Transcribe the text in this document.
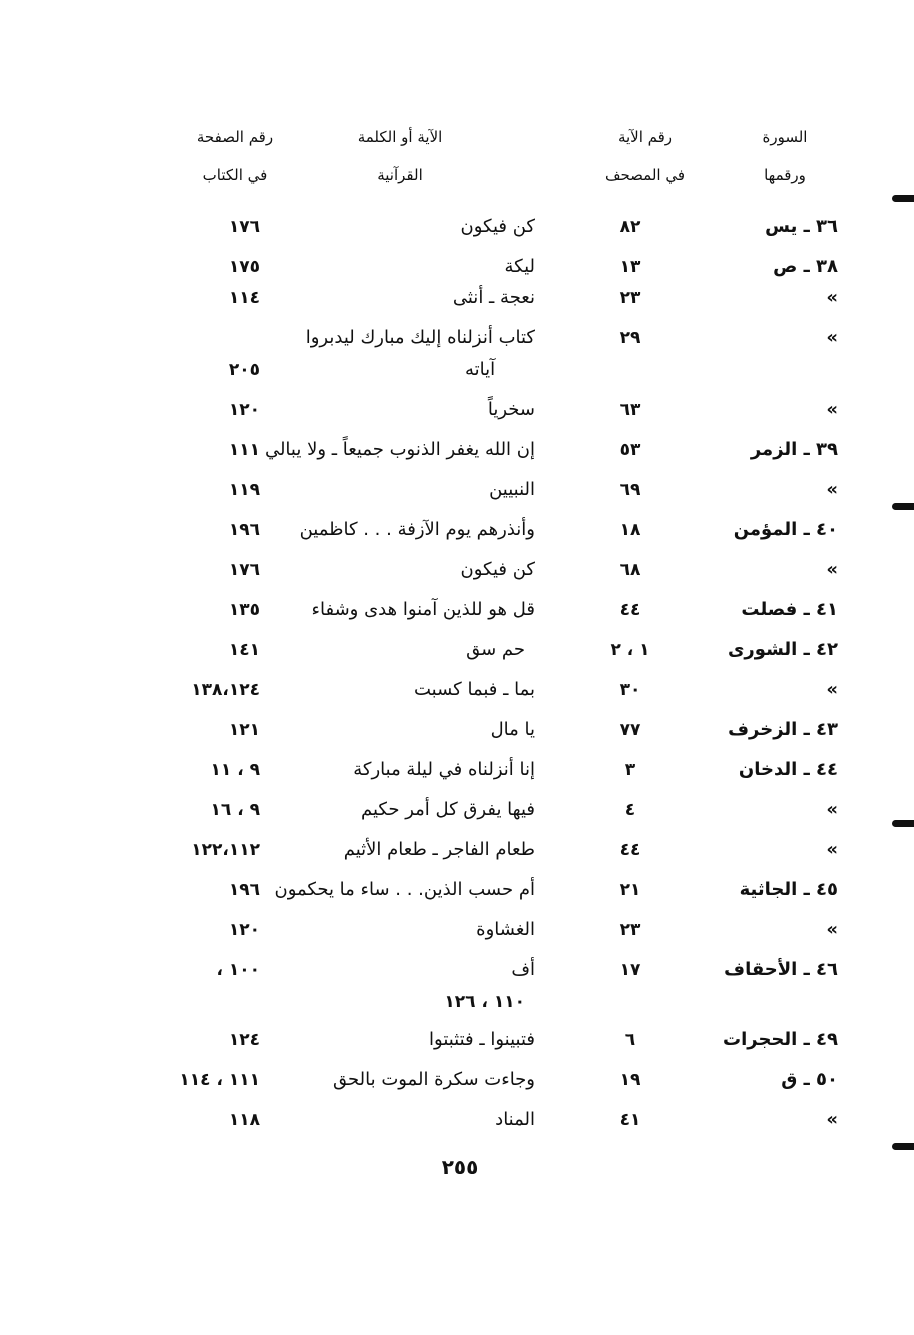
السورة
ورقمها
رقم الآية
في المصحف
الآية أو الكلمة
القرآنية
رقم الصفحة
في الكتاب
٣٦ ـ يس
٨٢
كن فيكون
١٧٦
٣٨ ـ ص
١٣
ليكة
١٧٥
»
٢٣
نعجة ـ أنثى
١١٤
»
٢٩
كتاب أنزلناه إليك مبارك ليدبروا
آياته
٢٠٥
»
٦٣
سخرياً
١٢٠
٣٩ ـ الزمر
٥٣
إن الله يغفر الذنوب جميعاً ـ ولا يبالي
١١١
»
٦٩
النبيين
١١٩
٤٠ ـ المؤمن
١٨
وأنذرهم يوم الآزفة . . . كاظمين
١٩٦
»
٦٨
كن فيكون
١٧٦
٤١ ـ فصلت
٤٤
قل هو للذين آمنوا هدى وشفاء
١٣٥
٤٢ ـ الشورى
١ ، ٢
حم سق
١٤١
»
٣٠
بما ـ فبما كسبت
١٣٨،١٢٤
٤٣ ـ الزخرف
٧٧
يا مال
١٢١
٤٤ ـ الدخان
٣
إنا أنزلناه في ليلة مباركة
٩ ، ١١
»
٤
فيها يفرق كل أمر حكيم
٩ ، ١٦
»
٤٤
طعام الفاجر ـ طعام الأثيم
١٢٢،١١٢
٤٥ ـ الجاثية
٢١
أم حسب الذين. . . ساء ما يحكمون
١٩٦
»
٢٣
الغشاوة
١٢٠
٤٦ ـ الأحقاف
١٧
أف
١٠٠ ،
١١٠ ، ١٢٦
٤٩ ـ الحجرات
٦
فتبينوا ـ فتثبتوا
١٢٤
٥٠ ـ ق
١٩
وجاءت سكرة الموت بالحق
١١١ ، ١١٤
»
٤١
المناد
١١٨
٢٥٥
